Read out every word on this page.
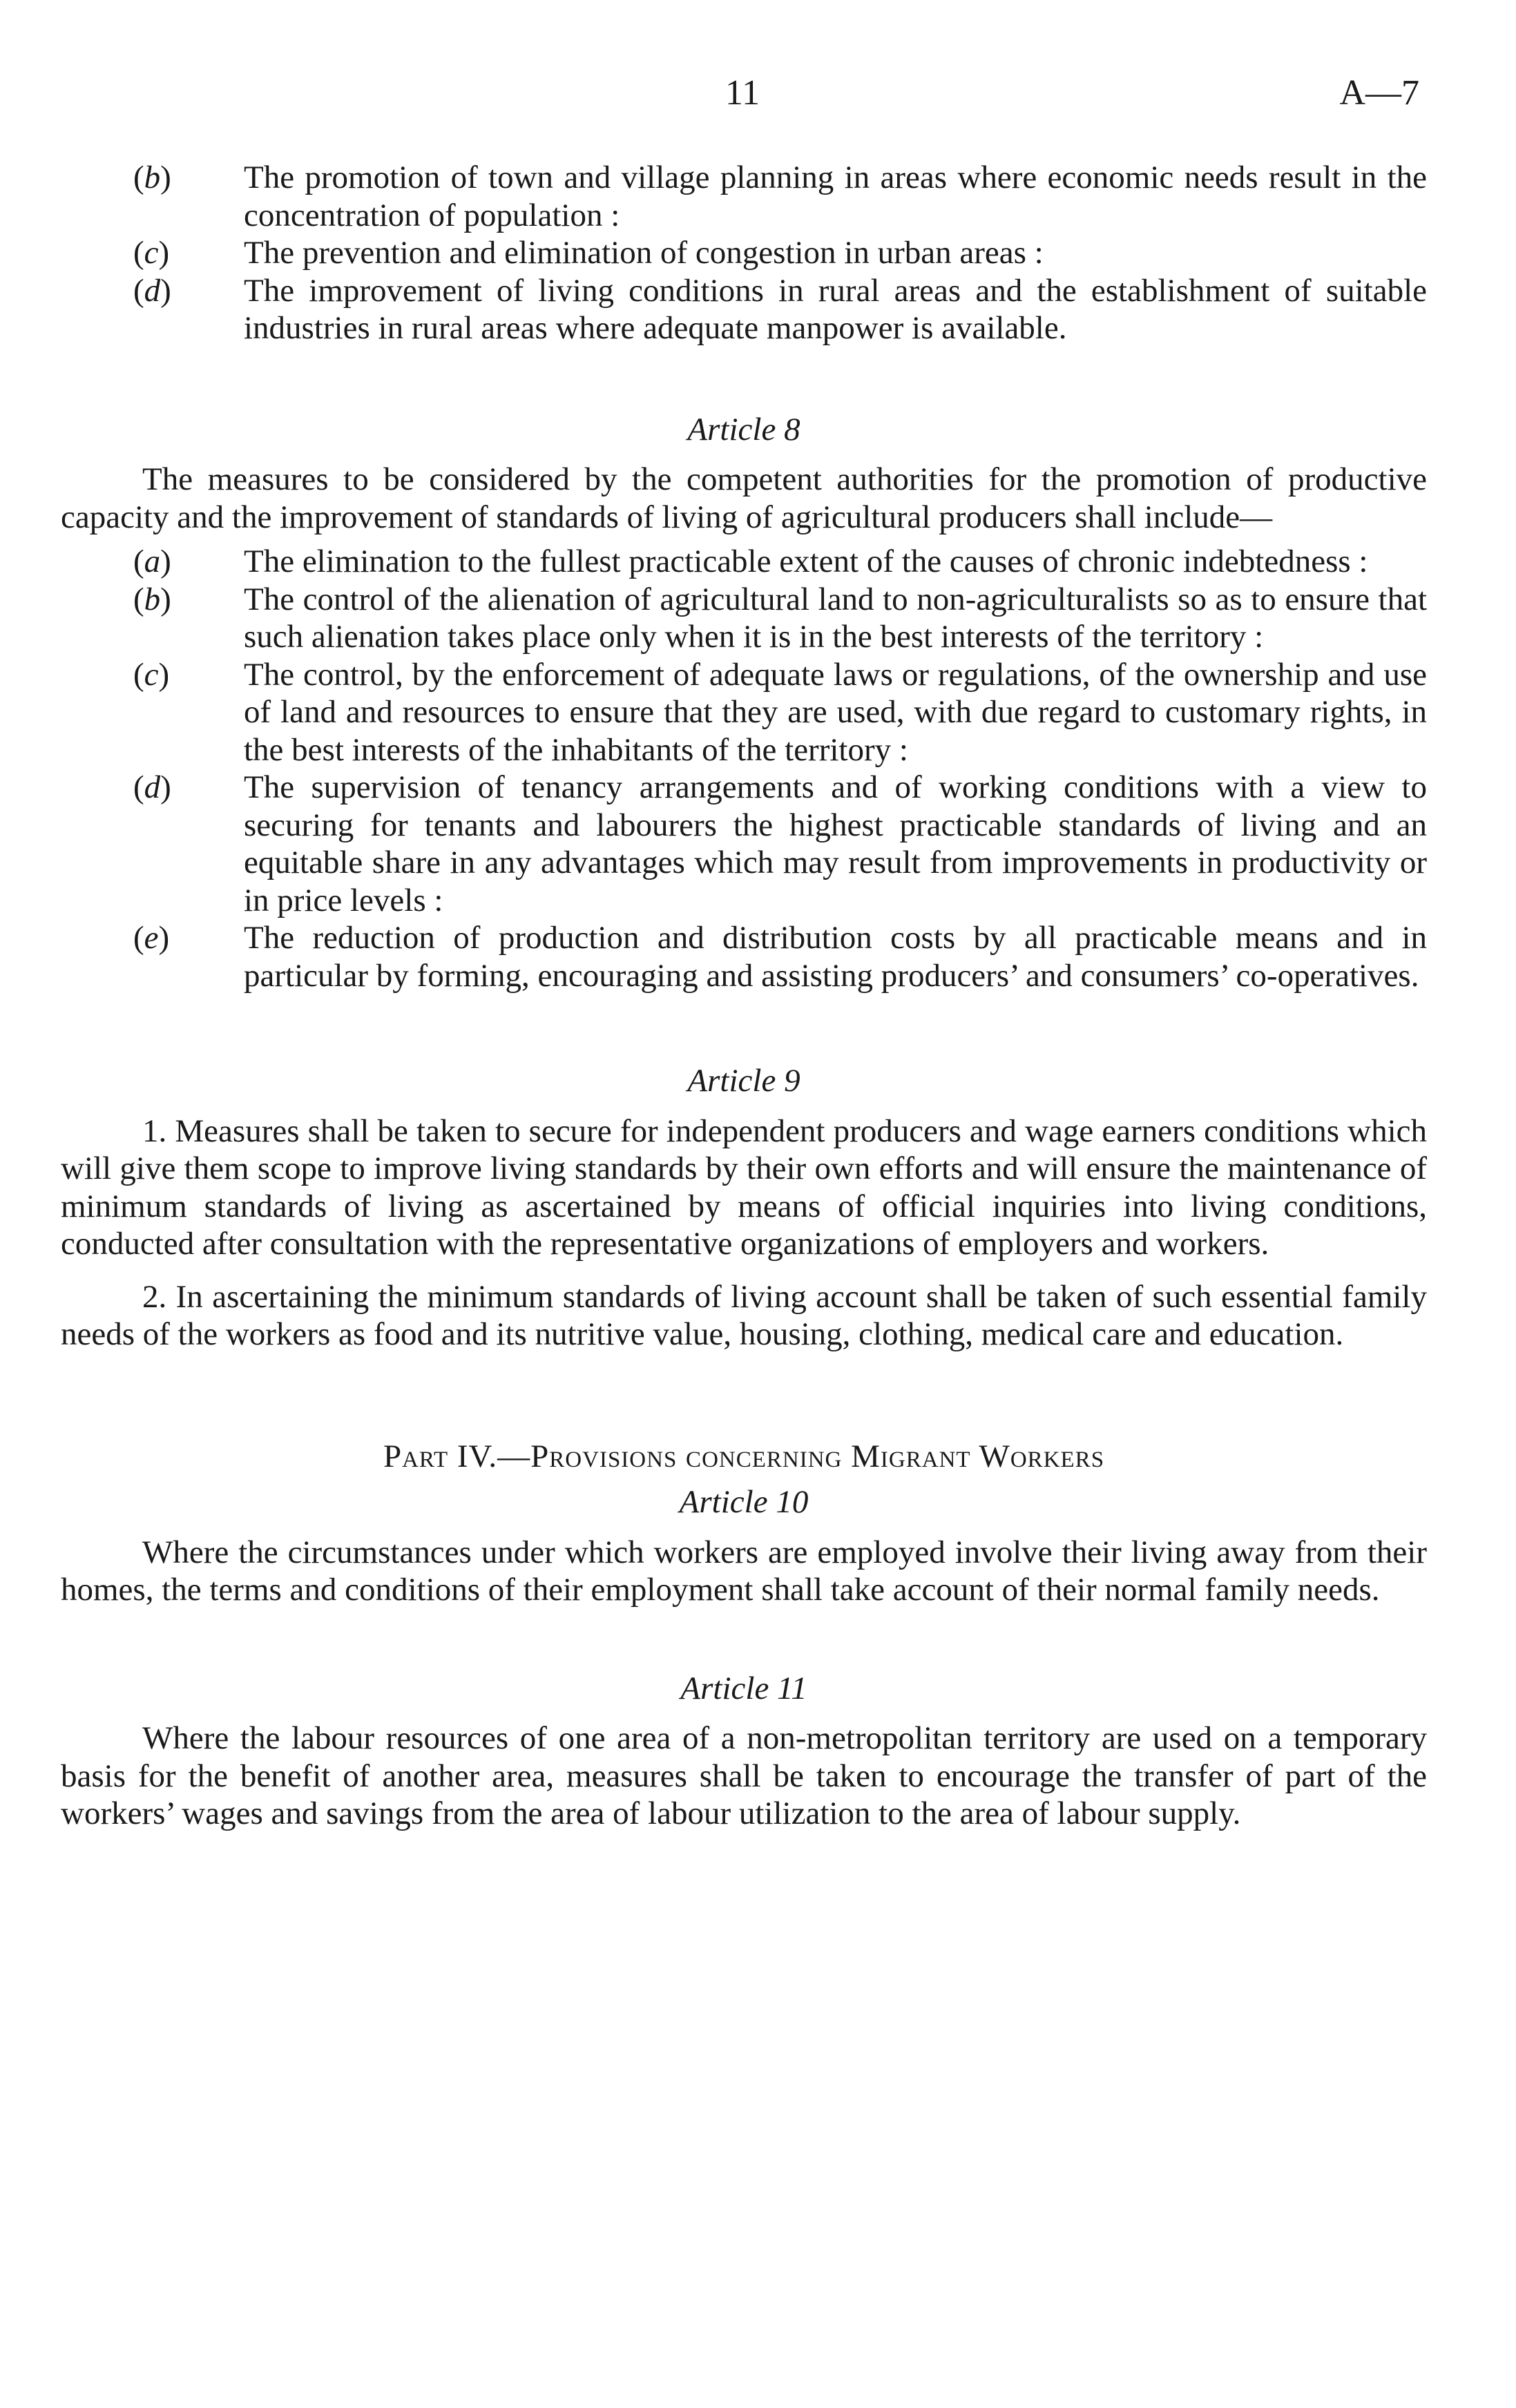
11	A—7

(b) The promotion of town and village planning in areas where economic needs result in the concentration of population :

(c) The prevention and elimination of congestion in urban areas :

(d) The improvement of living conditions in rural areas and the establishment of suitable industries in rural areas where adequate manpower is available.

Article 8

The measures to be considered by the competent authorities for the promotion of productive capacity and the improvement of standards of living of agricultural producers shall include—

(a) The elimination to the fullest practicable extent of the causes of chronic indebtedness :

(b) The control of the alienation of agricultural land to non-agriculturalists so as to ensure that such alienation takes place only when it is in the best interests of the territory :

(c) The control, by the enforcement of adequate laws or regulations, of the ownership and use of land and resources to ensure that they are used, with due regard to customary rights, in the best interests of the inhabitants of the territory :

(d) The supervision of tenancy arrangements and of working conditions with a view to securing for tenants and labourers the highest practicable standards of living and an equitable share in any advantages which may result from improvements in productivity or in price levels :

(e) The reduction of production and distribution costs by all practicable means and in particular by forming, encouraging and assisting producers’ and consumers’ co-operatives.

Article 9

1. Measures shall be taken to secure for independent producers and wage earners conditions which will give them scope to improve living standards by their own efforts and will ensure the maintenance of minimum standards of living as ascertained by means of official inquiries into living conditions, conducted after consultation with the representative organizations of employers and workers.

2. In ascertaining the minimum standards of living account shall be taken of such essential family needs of the workers as food and its nutritive value, housing, clothing, medical care and education.

Part IV.—Provisions concerning Migrant Workers

Article 10

Where the circumstances under which workers are employed involve their living away from their homes, the terms and conditions of their employment shall take account of their normal family needs.

Article 11

Where the labour resources of one area of a non-metropolitan territory are used on a temporary basis for the benefit of another area, measures shall be taken to encourage the transfer of part of the workers’ wages and savings from the area of labour utilization to the area of labour supply.
